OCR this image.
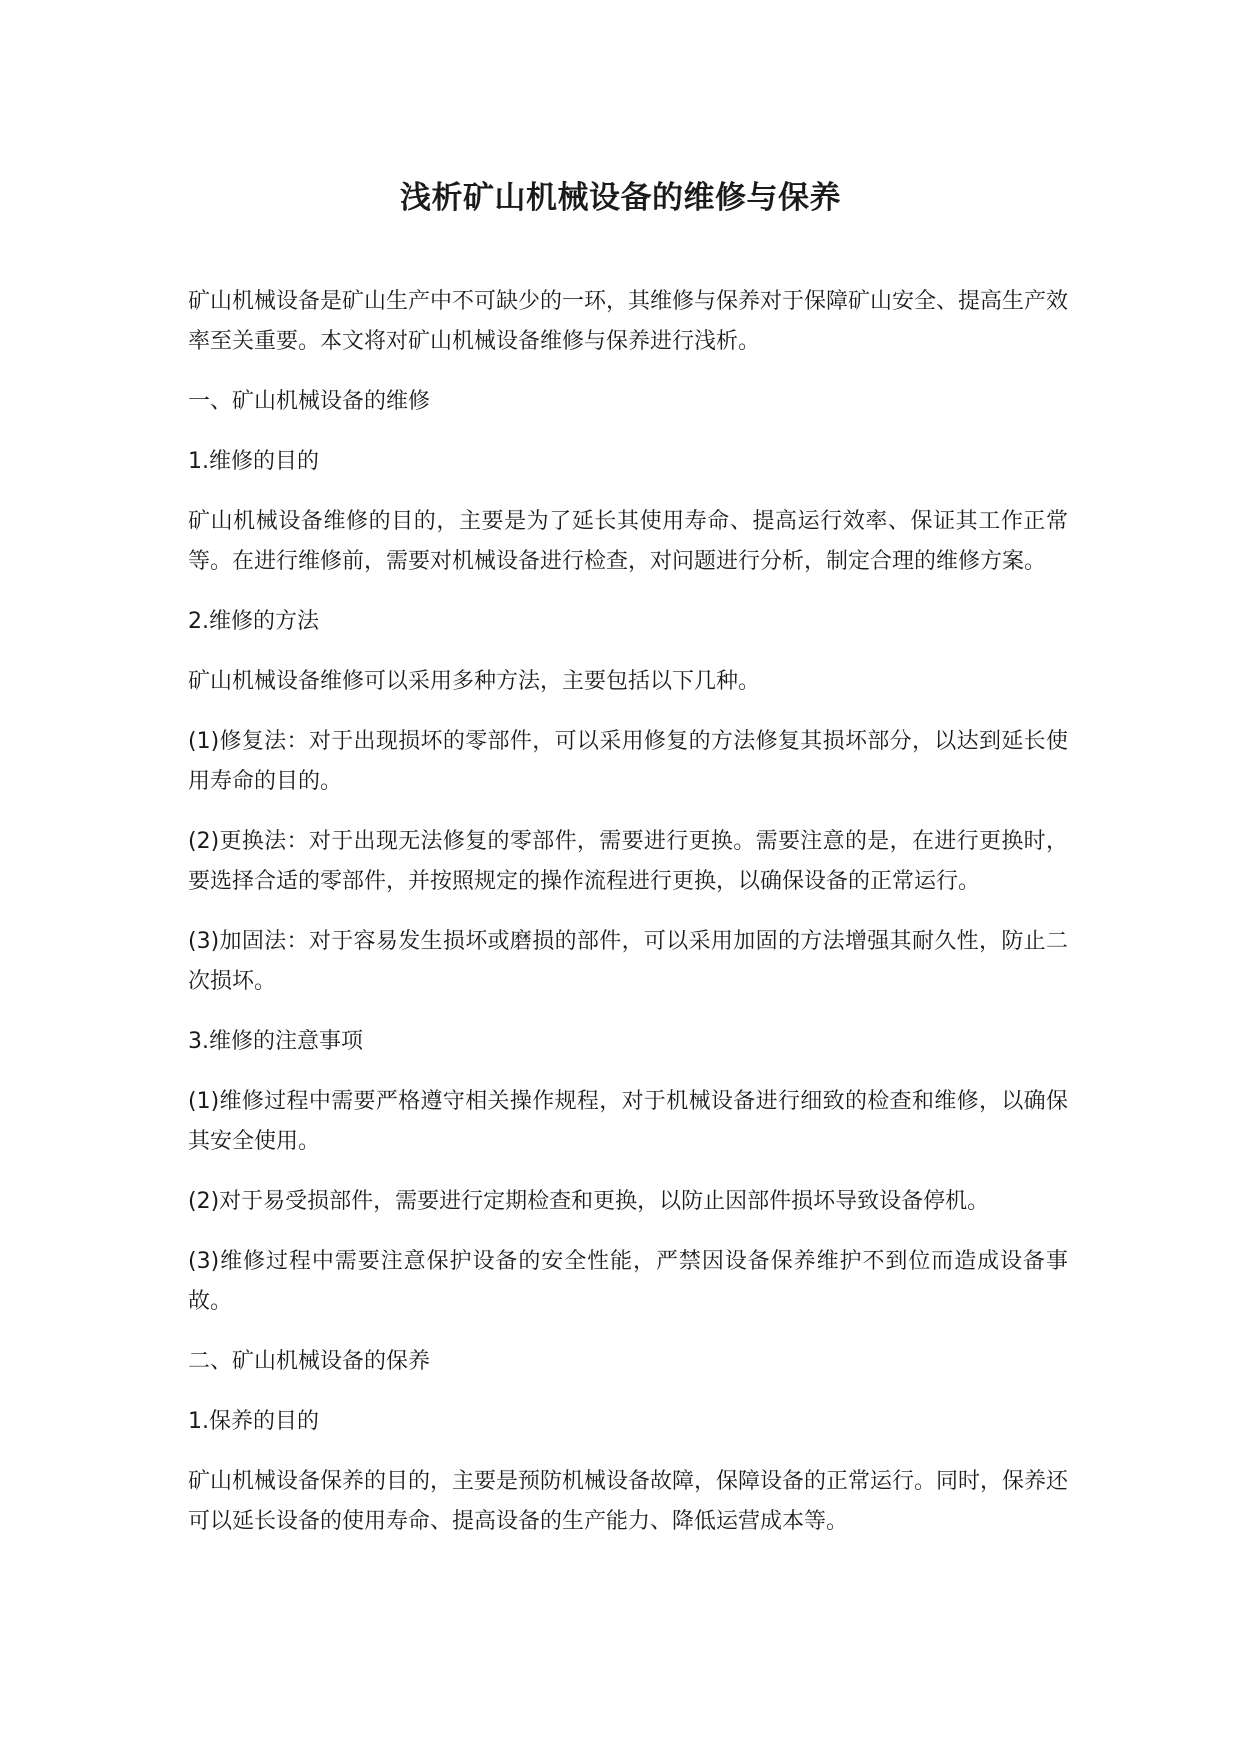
浅析矿山机械设备的维修与保养

矿山机械设备是矿山生产中不可缺少的一环，其维修与保养对于保障矿山安全、提高生产效率至关重要。本文将对矿山机械设备维修与保养进行浅析。

一、矿山机械设备的维修

1.维修的目的

矿山机械设备维修的目的，主要是为了延长其使用寿命、提高运行效率、保证其工作正常等。在进行维修前，需要对机械设备进行检查，对问题进行分析，制定合理的维修方案。

2.维修的方法

矿山机械设备维修可以采用多种方法，主要包括以下几种。

(1)修复法：对于出现损坏的零部件，可以采用修复的方法修复其损坏部分，以达到延长使用寿命的目的。

(2)更换法：对于出现无法修复的零部件，需要进行更换。需要注意的是，在进行更换时，要选择合适的零部件，并按照规定的操作流程进行更换，以确保设备的正常运行。

(3)加固法：对于容易发生损坏或磨损的部件，可以采用加固的方法增强其耐久性，防止二次损坏。

3.维修的注意事项

(1)维修过程中需要严格遵守相关操作规程，对于机械设备进行细致的检查和维修，以确保其安全使用。

(2)对于易受损部件，需要进行定期检查和更换，以防止因部件损坏导致设备停机。

(3)维修过程中需要注意保护设备的安全性能，严禁因设备保养维护不到位而造成设备事故。

二、矿山机械设备的保养

1.保养的目的

矿山机械设备保养的目的，主要是预防机械设备故障，保障设备的正常运行。同时，保养还可以延长设备的使用寿命、提高设备的生产能力、降低运营成本等。
